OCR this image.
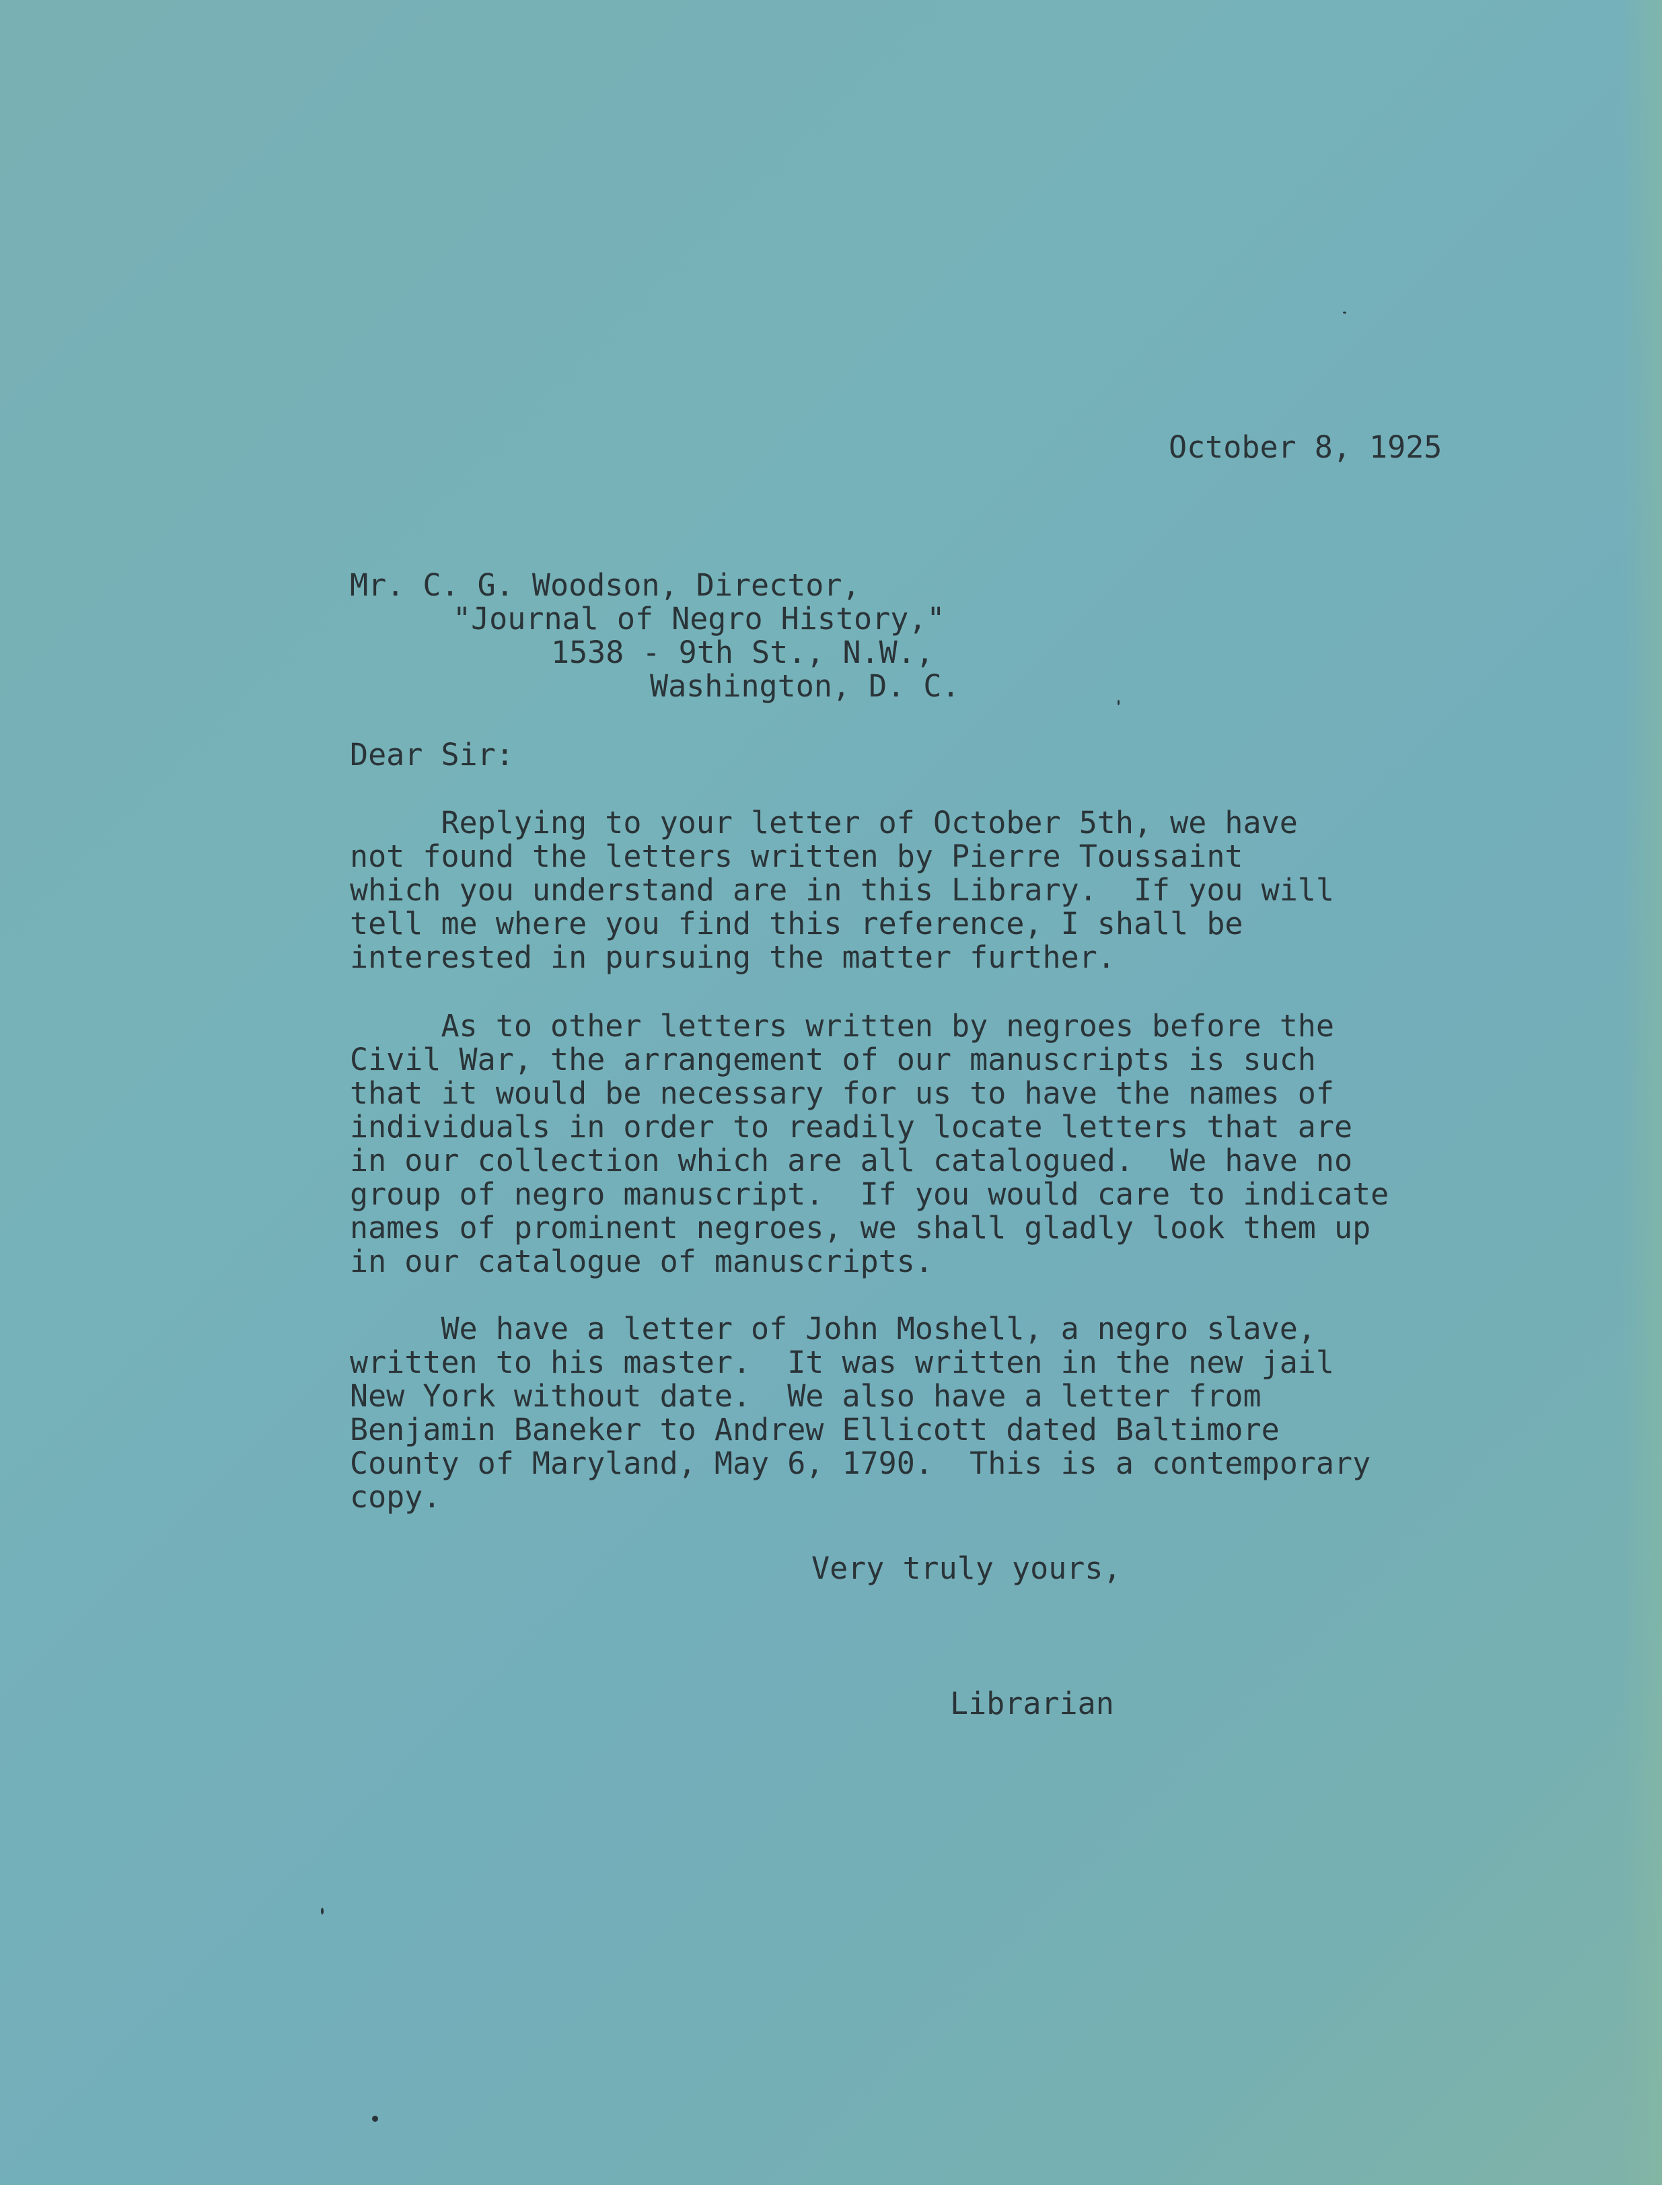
October 8, 1925

Mr. C. G. Woodson, Director,

"Journal of Negro History,"

1538 - 9th St., N.W.,

Washington, D. C.

Dear Sir:

Replying to your letter of October 5th, we have
not found the letters written by Pierre Toussaint
which you understand are in this Library.  If you will
tell me where you find this reference, I shall be
interested in pursuing the matter further.

As to other letters written by negroes before the
Civil War, the arrangement of our manuscripts is such
that it would be necessary for us to have the names of
individuals in order to readily locate letters that are
in our collection which are all catalogued.  We have no
group of negro manuscript.  If you would care to indicate
names of prominent negroes, we shall gladly look them up
in our catalogue of manuscripts.

We have a letter of John Moshell, a negro slave,
written to his master.  It was written in the new jail
New York without date.  We also have a letter from
Benjamin Baneker to Andrew Ellicott dated Baltimore
County of Maryland, May 6, 1790.  This is a contemporary
copy.

Very truly yours,

Librarian
